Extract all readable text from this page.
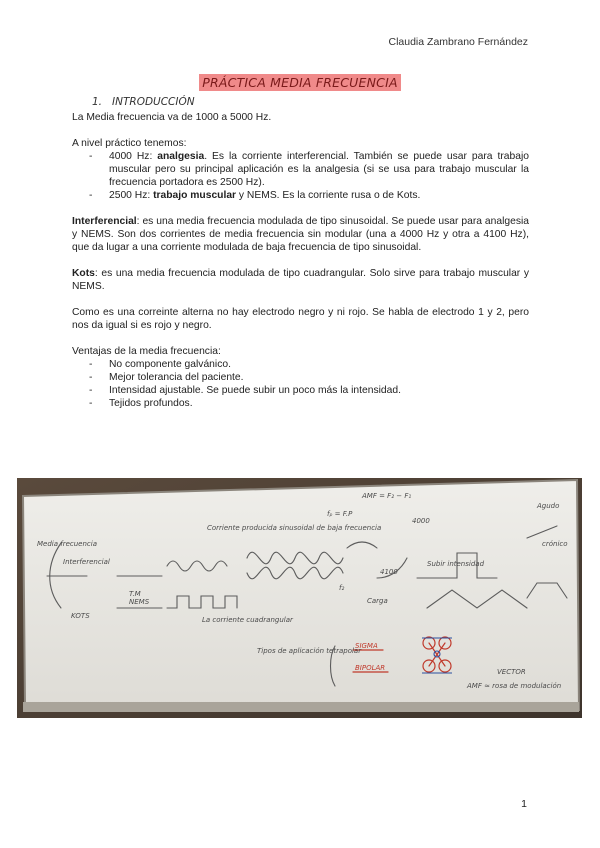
Claudia Zambrano Fernández
PRÁCTICA MEDIA FRECUENCIA
1. INTRODUCCIÓN

La Media frecuencia va de 1000 a 5000 Hz.

A nivel práctico tenemos:

- 4000 Hz: analgesia. Es la corriente interferencial. También se puede usar para trabajo muscular pero su principal aplicación es la analgesia (si se usa para trabajo muscular la frecuencia portadora es 2500 Hz).
- 2500 Hz: trabajo muscular y NEMS. Es la corriente rusa o de Kots.

Interferencial: es una media frecuencia modulada de tipo sinusoidal. Se puede usar para analgesia y NEMS. Son dos corrientes de media frecuencia sin modular (una a 4000 Hz y otra a 4100 Hz), que da lugar a una corriente modulada de baja frecuencia de tipo sinusoidal.

Kots: es una media frecuencia modulada de tipo cuadrangular. Solo sirve para trabajo muscular y NEMS.

Como es una correinte alterna no hay electrodo negro y ni rojo. Se habla de electrodo 1 y 2, pero nos da igual si es rojo y negro.

Ventajas de la media frecuencia:

- No componente galvánico.
- Mejor tolerancia del paciente.
- Intensidad ajustable. Se puede subir un poco más la intensidad.
- Tejidos profundos.
AMF = F₂ − F₁
Agudo
crónico
Media frecuencia
Interferencial
KOTS
T.M
NEMS
Corriente producida sinusoidal de baja frecuencia
fₚ = F.P
4000
4100
f₂
Subir intensidad
La corriente cuadrangular
Carga
Tipos de aplicación tetrapolar
SIGMA
BIPOLAR
AMF ≈ rosa de modulación
VECTOR
1
